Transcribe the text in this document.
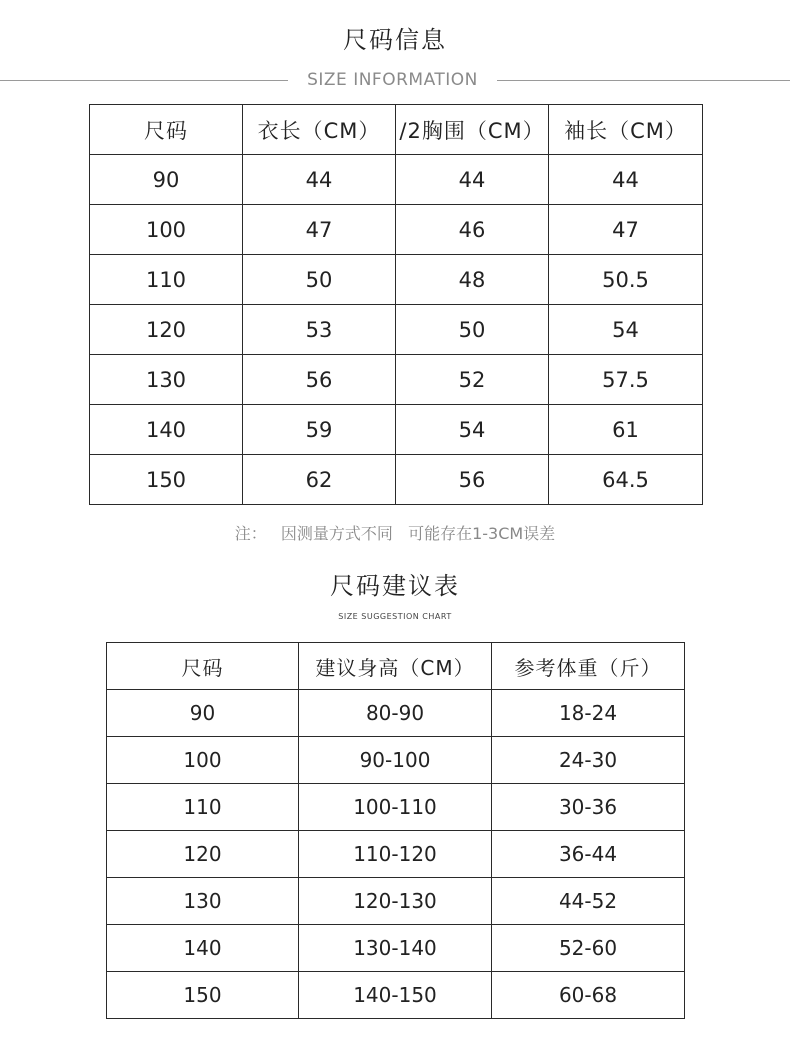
尺码信息
SIZE INFORMATION
尺码	衣长（CM）	/2胸围（CM）	袖长（CM）
90	44	44	44
100	47	46	47
110	50	48	50.5
120	53	50	54
130	56	52	57.5
140	59	54	61
150	62	56	64.5
注： 因测量方式不同   可能存在1-3CM误差
尺码建议表
SIZE SUGGESTION CHART
尺码	建议身高（CM）	参考体重（斤）
90	80-90	18-24
100	90-100	24-30
110	100-110	30-36
120	110-120	36-44
130	120-130	44-52
140	130-140	52-60
150	140-150	60-68
